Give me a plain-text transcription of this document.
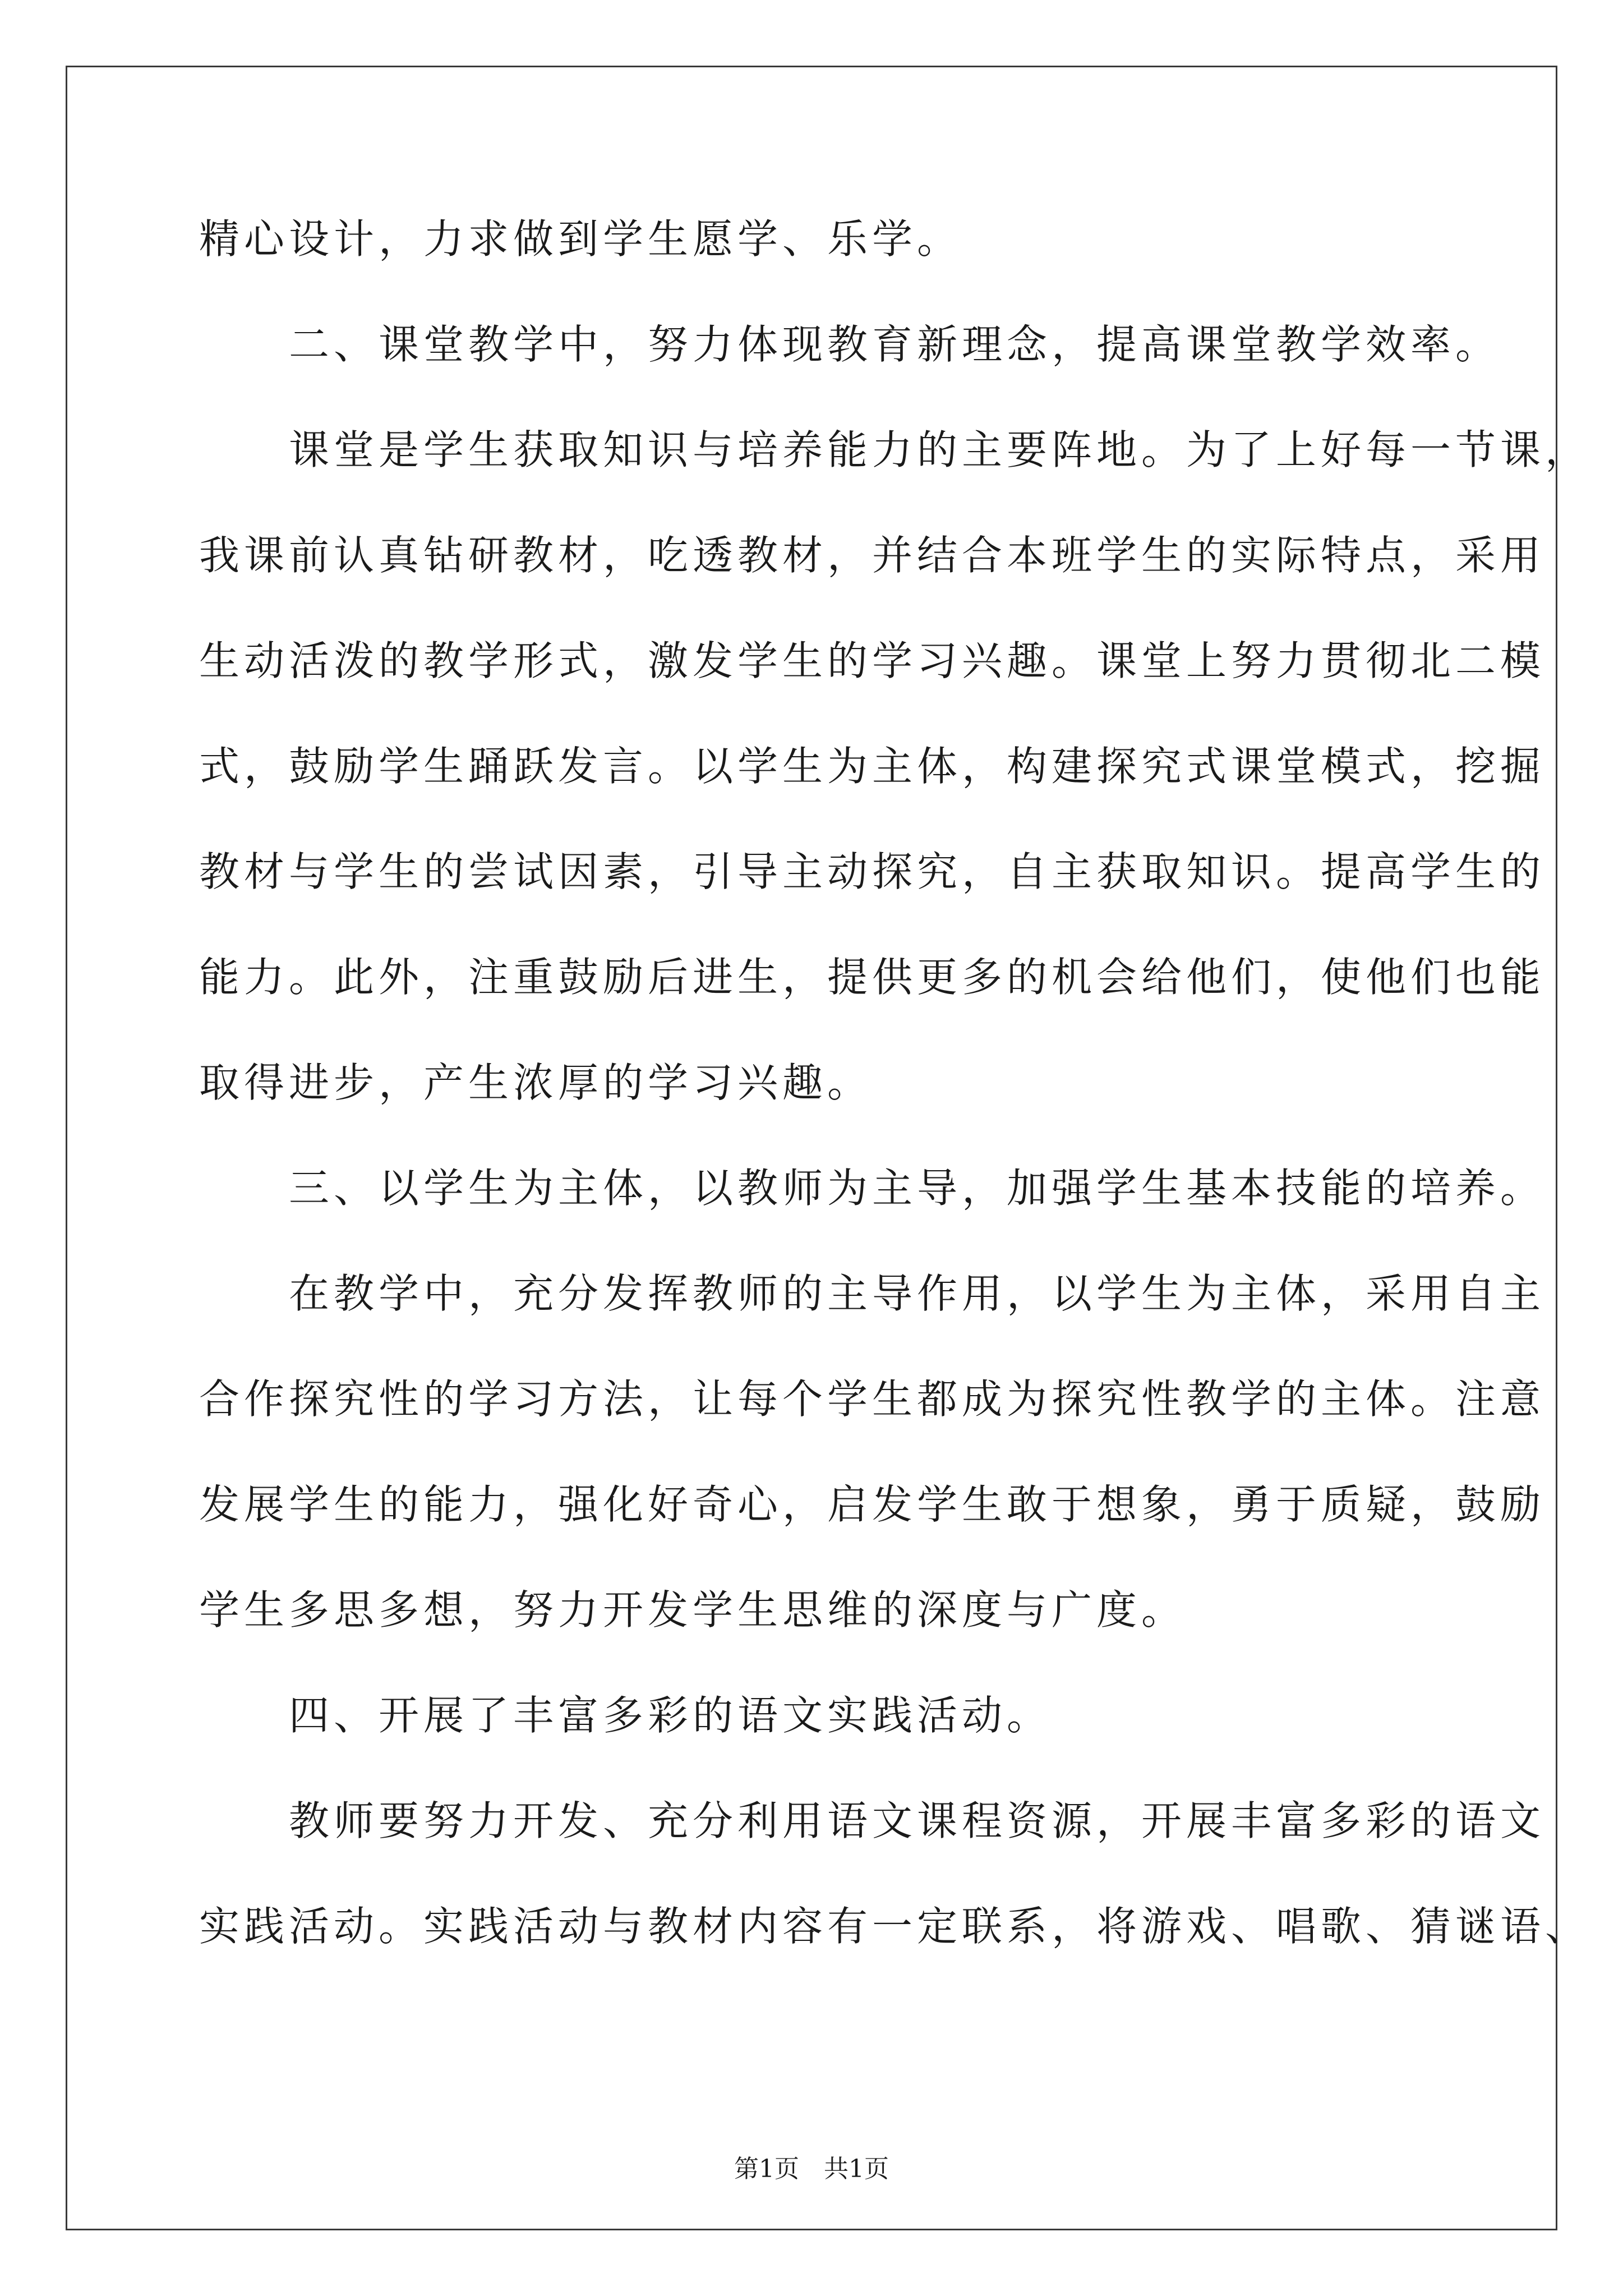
精心设计，力求做到学生愿学、乐学。
　　二、课堂教学中，努力体现教育新理念，提高课堂教学效率。
　　课堂是学生获取知识与培养能力的主要阵地。为了上好每一节课，
我课前认真钻研教材，吃透教材，并结合本班学生的实际特点，采用
生动活泼的教学形式，激发学生的学习兴趣。课堂上努力贯彻北二模
式，鼓励学生踊跃发言。以学生为主体，构建探究式课堂模式，挖掘
教材与学生的尝试因素，引导主动探究，自主获取知识。提高学生的
能力。此外，注重鼓励后进生，提供更多的机会给他们，使他们也能
取得进步，产生浓厚的学习兴趣。
　　三、以学生为主体，以教师为主导，加强学生基本技能的培养。
　　在教学中，充分发挥教师的主导作用，以学生为主体，采用自主
合作探究性的学习方法，让每个学生都成为探究性教学的主体。注意
发展学生的能力，强化好奇心，启发学生敢于想象，勇于质疑，鼓励
学生多思多想，努力开发学生思维的深度与广度。
　　四、开展了丰富多彩的语文实践活动。
　　教师要努力开发、充分利用语文课程资源，开展丰富多彩的语文
实践活动。实践活动与教材内容有一定联系，将游戏、唱歌、猜谜语、
第1页　共1页
